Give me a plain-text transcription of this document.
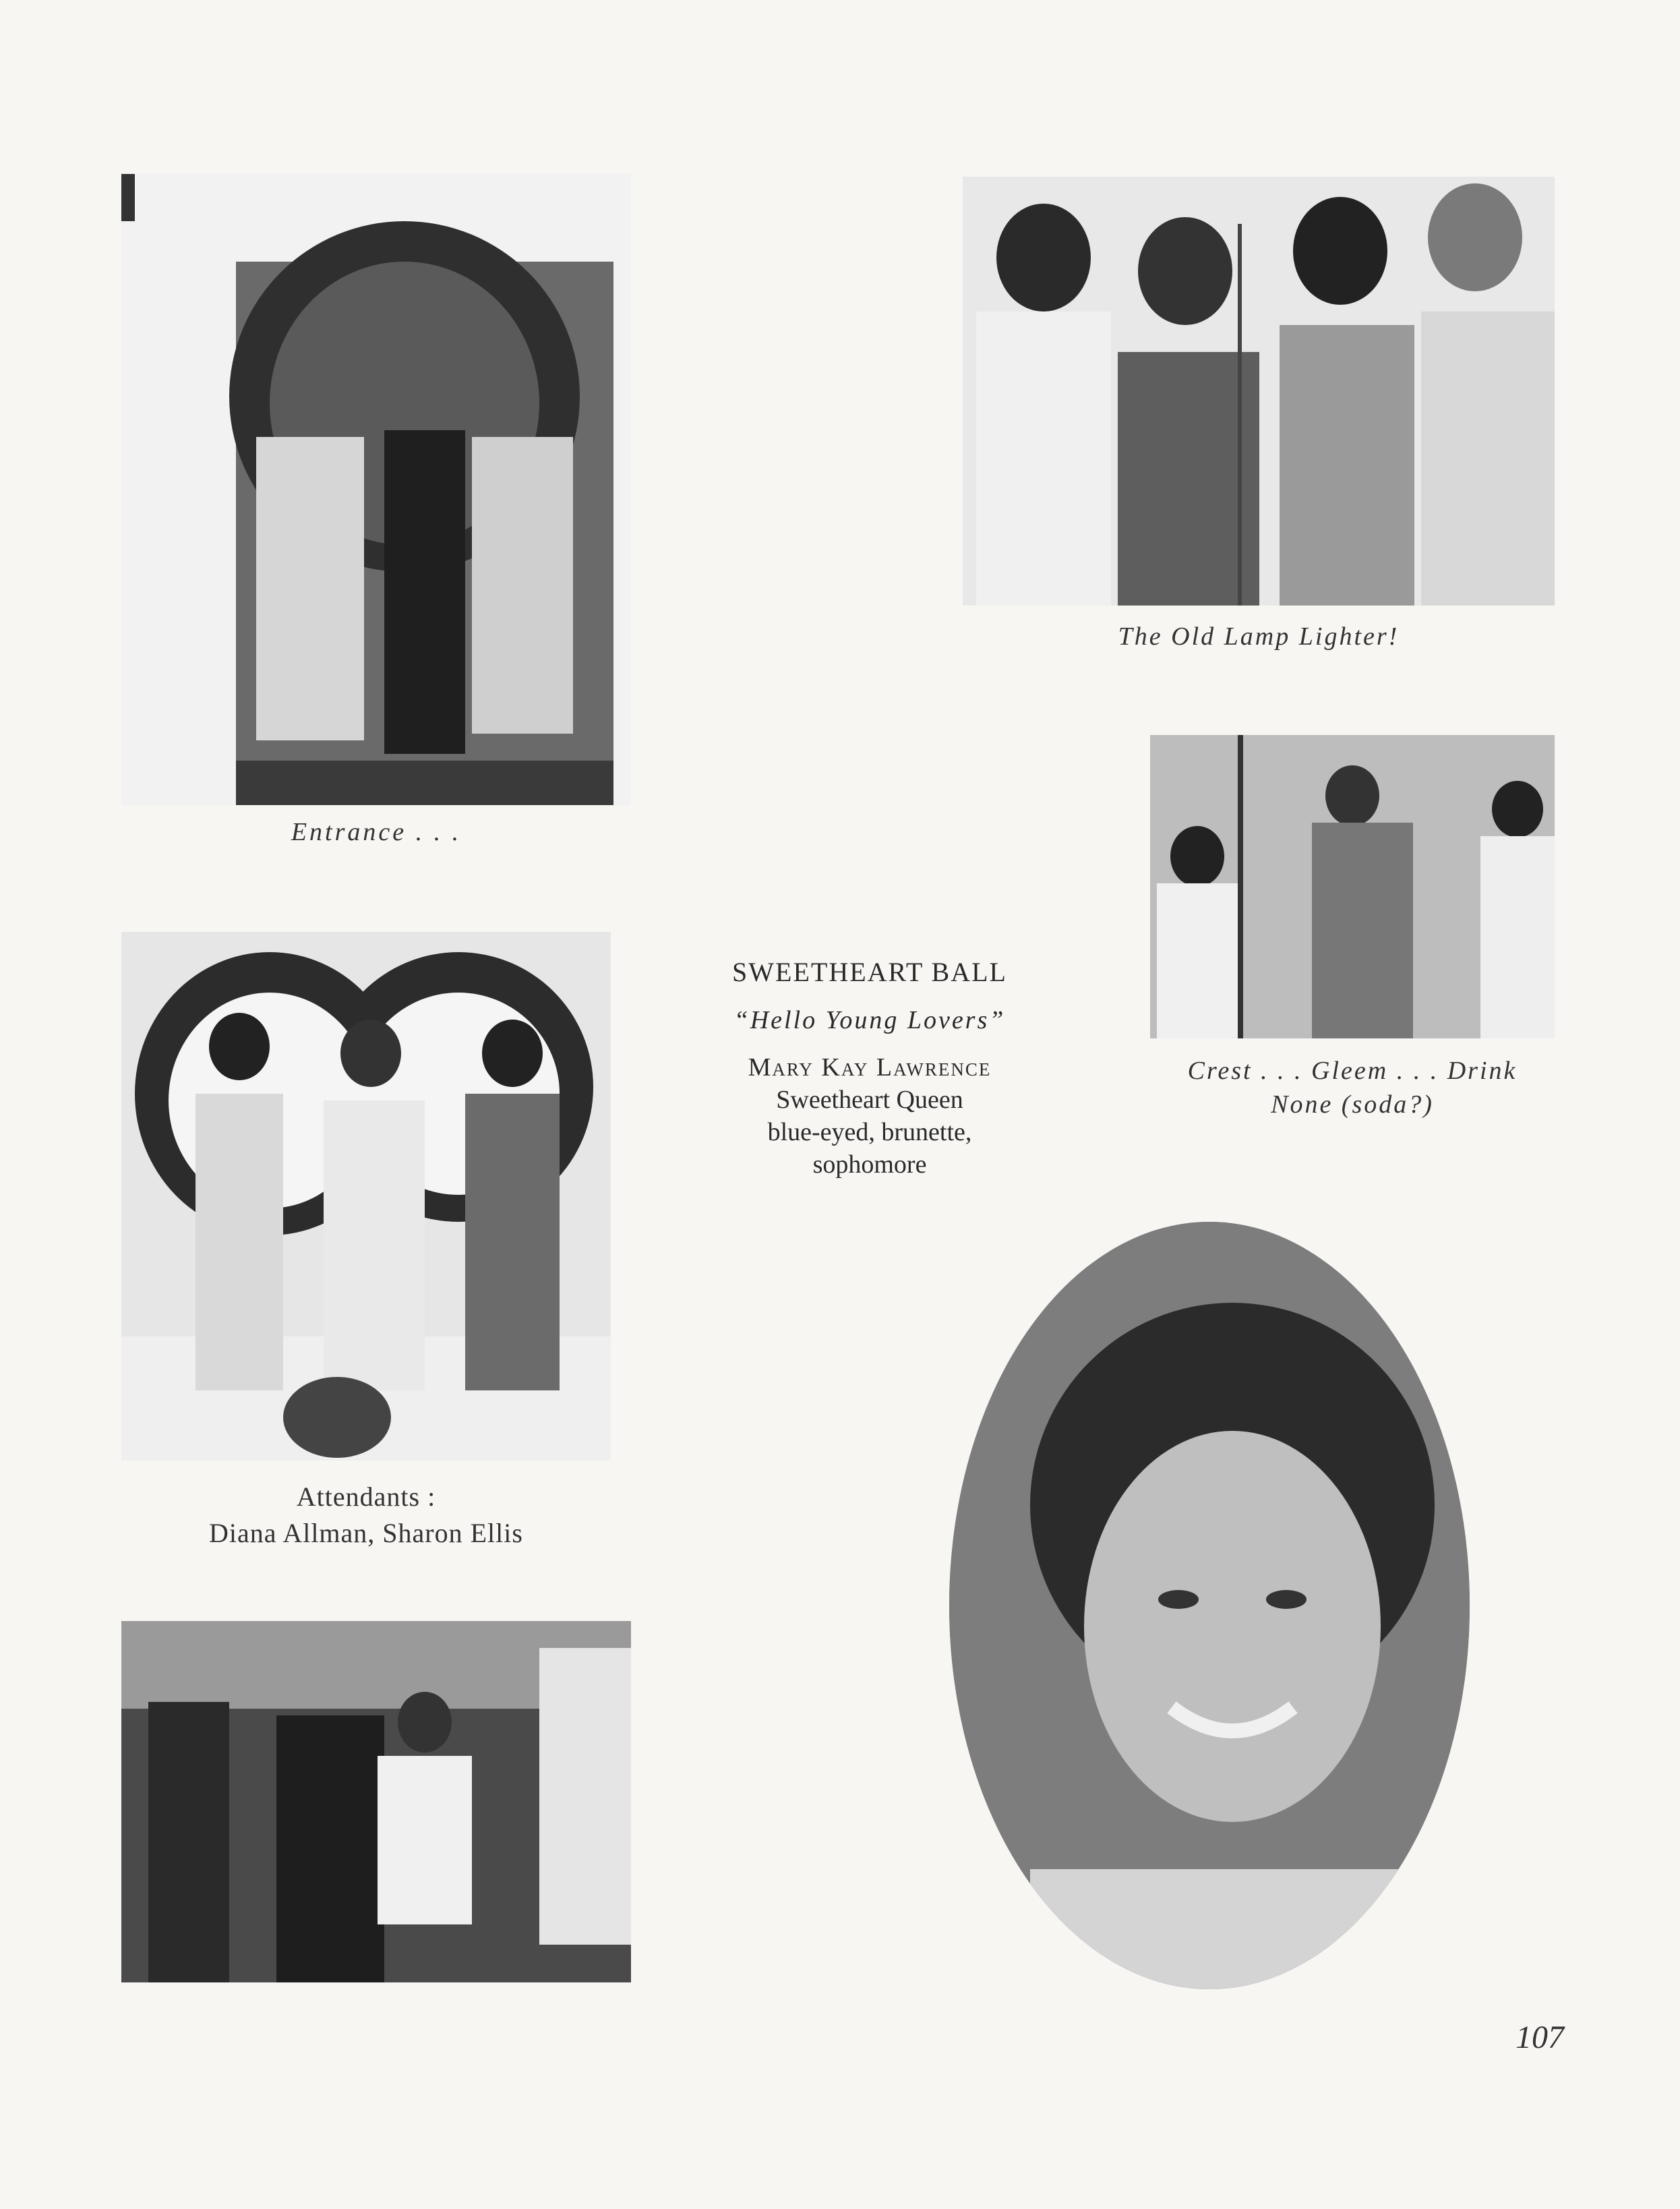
Entrance . . .
The Old Lamp Lighter!
Crest . . . Gleem . . . Drink
None (soda?)
SWEETHEART BALL
“Hello Young Lovers”
Mary Kay Lawrence
Sweetheart Queen
blue-eyed, brunette,
sophomore
Attendants :
Diana Allman, Sharon Ellis
107
